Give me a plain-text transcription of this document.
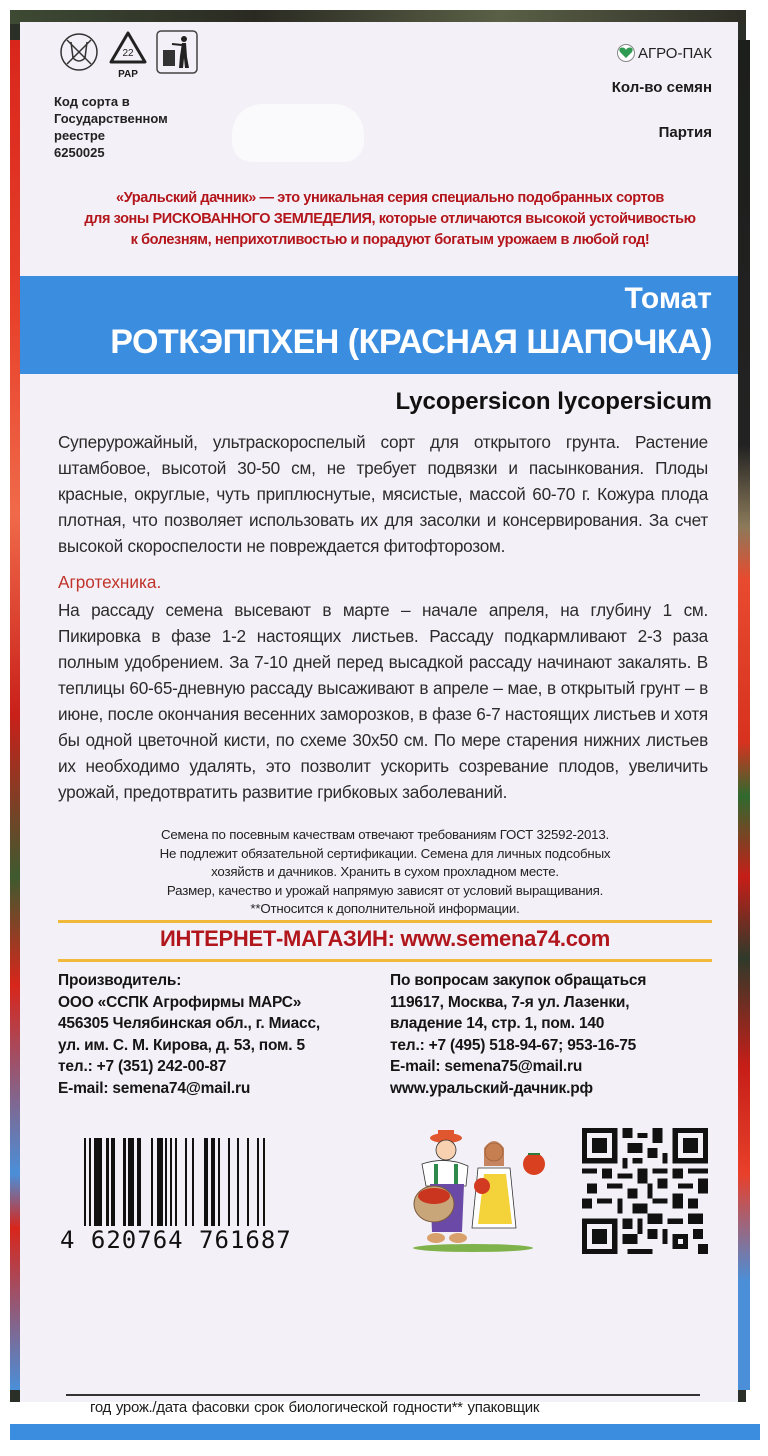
22
PAP
Код сорта в
Государственном
реестре
6250025
АГРО-ПАК
Кол-во семян
Партия
«Уральский дачник» — это уникальная серия специально подобранных сортов
для зоны РИСКОВАННОГО ЗЕМЛЕДЕЛИЯ, которые отличаются высокой устойчивостью
к болезням, неприхотливостью и порадуют богатым урожаем в любой год!
Томат
РОТКЭППХЕН (КРАСНАЯ ШАПОЧКА)
Lycopersicon lycopersicum
Суперурожайный, ультраскороспелый сорт для открытого грунта. Растение штамбовое, высотой 30-50 см, не требует подвязки и пасынкования. Плоды красные, округлые, чуть приплюснутые, мясистые, массой 60-70 г. Кожура плода плотная, что позволяет использовать их для засолки и консервирования. За счет высокой скороспелости не повреждается фитофторозом.
Агротехника.
На рассаду семена высевают в марте – начале апреля, на глубину 1 см. Пикировка в фазе 1-2 настоящих листьев. Рассаду подкармливают 2-3 раза полным удобрением. За 7-10 дней перед высадкой рассаду начинают закалять. В теплицы 60-65-дневную рассаду высаживают в апреле – мае, в открытый грунт – в июне, после окончания весенних заморозков, в фазе 6-7 настоящих листьев и хотя бы одной цветочной кисти, по схеме 30x50 см. По мере старения нижних листьев их необходимо удалять, это позволит ускорить созревание плодов, увеличить урожай, предотвратить развитие грибковых заболеваний.
Семена по посевным качествам отвечают требованиям ГОСТ 32592-2013.
Не подлежит обязательной сертификации. Семена для личных подсобных
хозяйств и дачников. Хранить в сухом прохладном месте.
Размер, качество и урожай напрямую зависят от условий выращивания.
**Относится к дополнительной информации.
ИНТЕРНЕТ-МАГАЗИН: www.semena74.com
Производитель:
ООО «ССПК Агрофирмы МАРС»
456305 Челябинская обл., г. Миасс,
ул. им. С. М. Кирова, д. 53, пом. 5
тел.: +7 (351) 242-00-87
E-mail: semena74@mail.ru
По вопросам закупок обращаться
119617, Москва, 7-я ул. Лазенки,
владение 14, стр. 1, пом. 140
тел.: +7 (495) 518-94-67; 953-16-75
E-mail: semena75@mail.ru
www.уральский-дачник.рф
4 620764 761687
год урож./дата фасовки срок биологической годности** упаковщик
